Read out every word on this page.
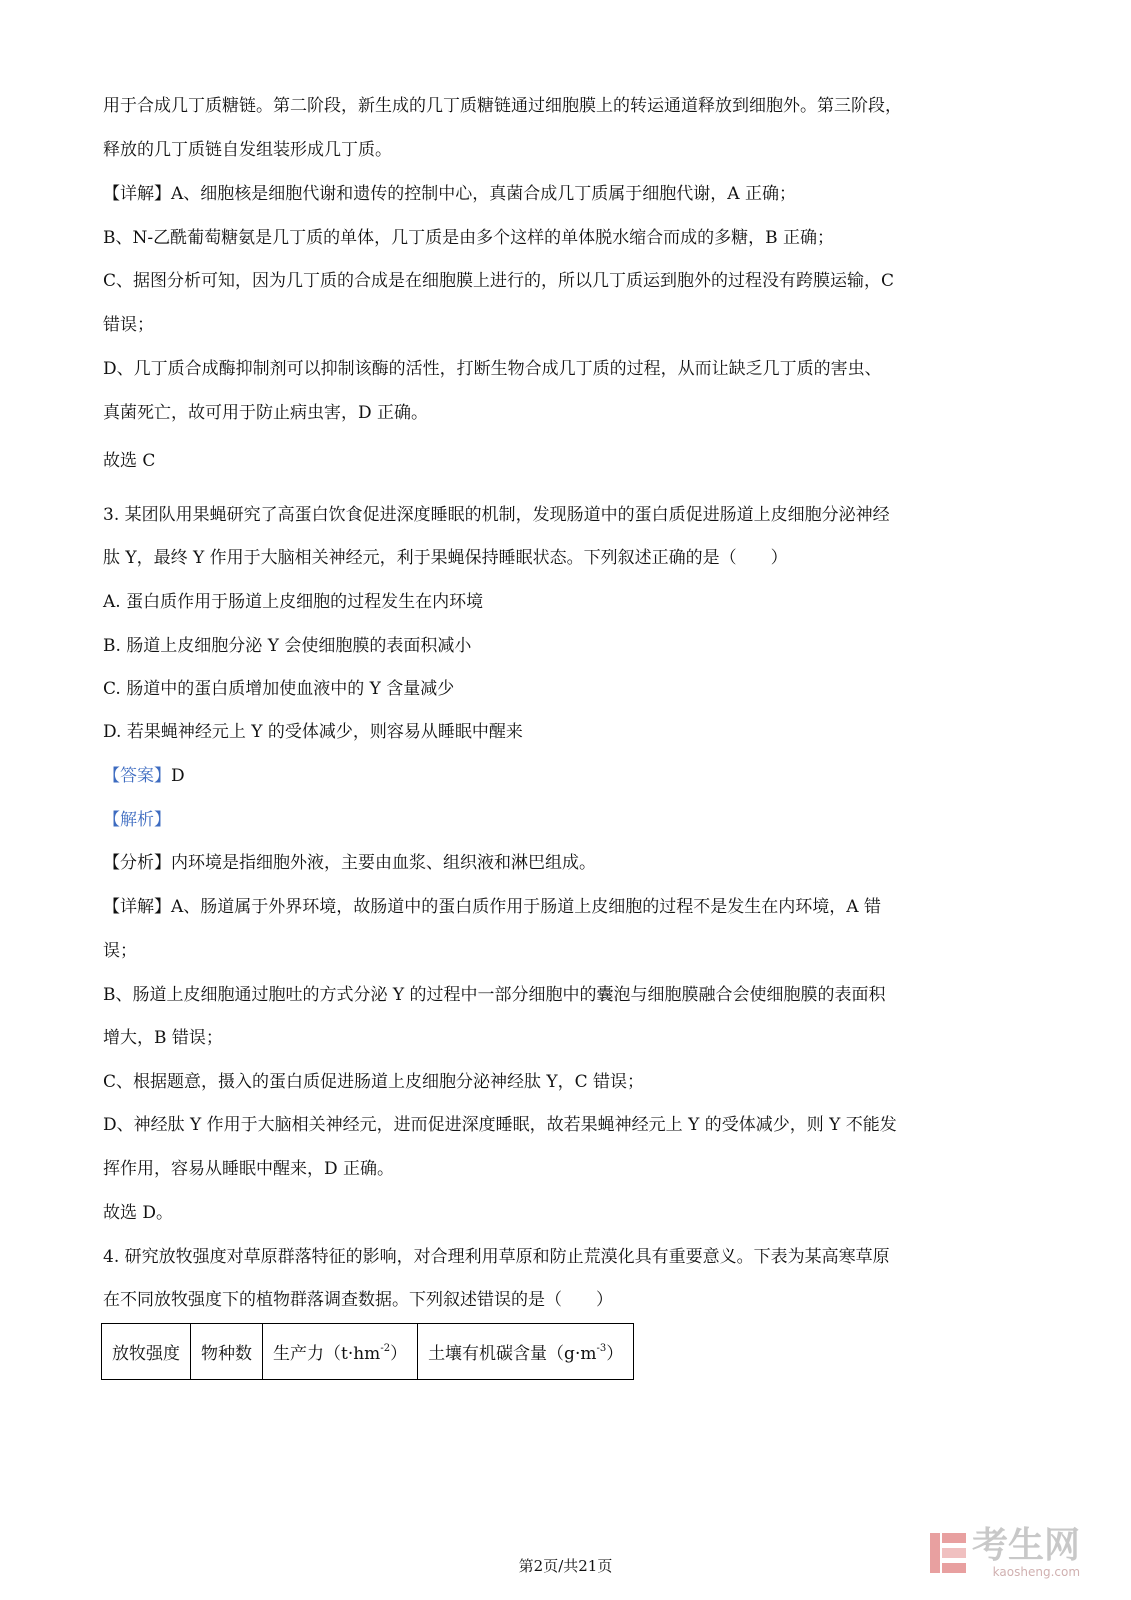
用于合成几丁质糖链。第二阶段，新生成的几丁质糖链通过细胞膜上的转运通道释放到细胞外。第三阶段，
释放的几丁质链自发组装形成几丁质。
【详解】A、细胞核是细胞代谢和遗传的控制中心，真菌合成几丁质属于细胞代谢，A 正确；
B、N-乙酰葡萄糖氨是几丁质的单体，几丁质是由多个这样的单体脱水缩合而成的多糖，B 正确；
C、据图分析可知，因为几丁质的合成是在细胞膜上进行的，所以几丁质运到胞外的过程没有跨膜运输，C
错误；
D、几丁质合成酶抑制剂可以抑制该酶的活性，打断生物合成几丁质的过程，从而让缺乏几丁质的害虫、
真菌死亡，故可用于防止病虫害，D 正确。
故选 C
3. 某团队用果蝇研究了高蛋白饮食促进深度睡眠的机制，发现肠道中的蛋白质促进肠道上皮细胞分泌神经
肽 Y，最终 Y 作用于大脑相关神经元，利于果蝇保持睡眠状态。下列叙述正确的是（　　）
A. 蛋白质作用于肠道上皮细胞的过程发生在内环境
B. 肠道上皮细胞分泌 Y 会使细胞膜的表面积减小
C. 肠道中的蛋白质增加使血液中的 Y 含量减少
D. 若果蝇神经元上 Y 的受体减少，则容易从睡眠中醒来
【答案】D
【解析】
【分析】内环境是指细胞外液，主要由血浆、组织液和淋巴组成。
【详解】A、肠道属于外界环境，故肠道中的蛋白质作用于肠道上皮细胞的过程不是发生在内环境，A 错
误；
B、肠道上皮细胞通过胞吐的方式分泌 Y 的过程中一部分细胞中的囊泡与细胞膜融合会使细胞膜的表面积
增大，B 错误；
C、根据题意，摄入的蛋白质促进肠道上皮细胞分泌神经肽 Y，C 错误；
D、神经肽 Y 作用于大脑相关神经元，进而促进深度睡眠，故若果蝇神经元上 Y 的受体减少，则 Y 不能发
挥作用，容易从睡眠中醒来，D 正确。
故选 D。
4. 研究放牧强度对草原群落特征的影响，对合理利用草原和防止荒漠化具有重要意义。下表为某高寒草原
在不同放牧强度下的植物群落调查数据。下列叙述错误的是（　　）
放牧强度	物种数	生产力$(t\cdot hm^{-2})$	土壤有机碳含量$(g\cdot m^{-3})$
第2页/共21页	考生网
kaosheng.com
